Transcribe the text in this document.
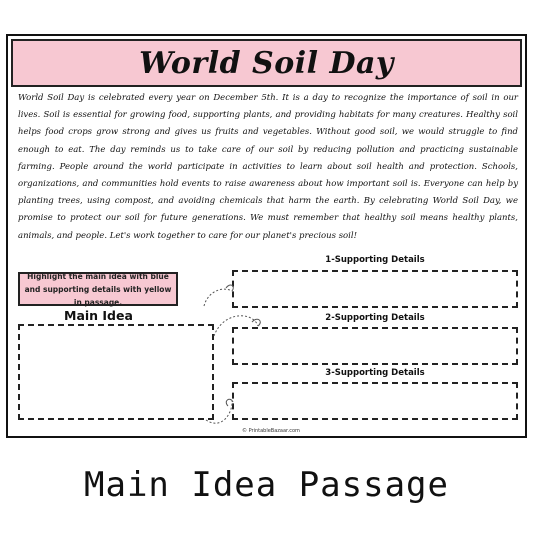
World Soil Day
World Soil Day is celebrated every year on December 5th. It is a day to recognize the importance of soil in our lives. Soil is essential for growing food, supporting plants, and providing habitats for many creatures. Healthy soil helps food crops grow strong and gives us fruits and vegetables. Without good soil, we would struggle to find enough to eat. The day reminds us to take care of our soil by reducing pollution and practicing sustainable farming. People around the world participate in activities to learn about soil health and protection. Schools, organizations, and communities hold events to raise awareness about how important soil is. Everyone can help by planting trees, using compost, and avoiding chemicals that harm the earth. By celebrating World Soil Day, we promise to protect our soil for future generations. We must remember that healthy soil means healthy plants, animals, and people. Let's work together to care for our planet's precious soil!
Highlight the main idea with blue and supporting details with yellow in passage.
Main Idea
1-Supporting Details
2-Supporting Details
3-Supporting Details
© PrintableBazaar.com
Main Idea Passage
